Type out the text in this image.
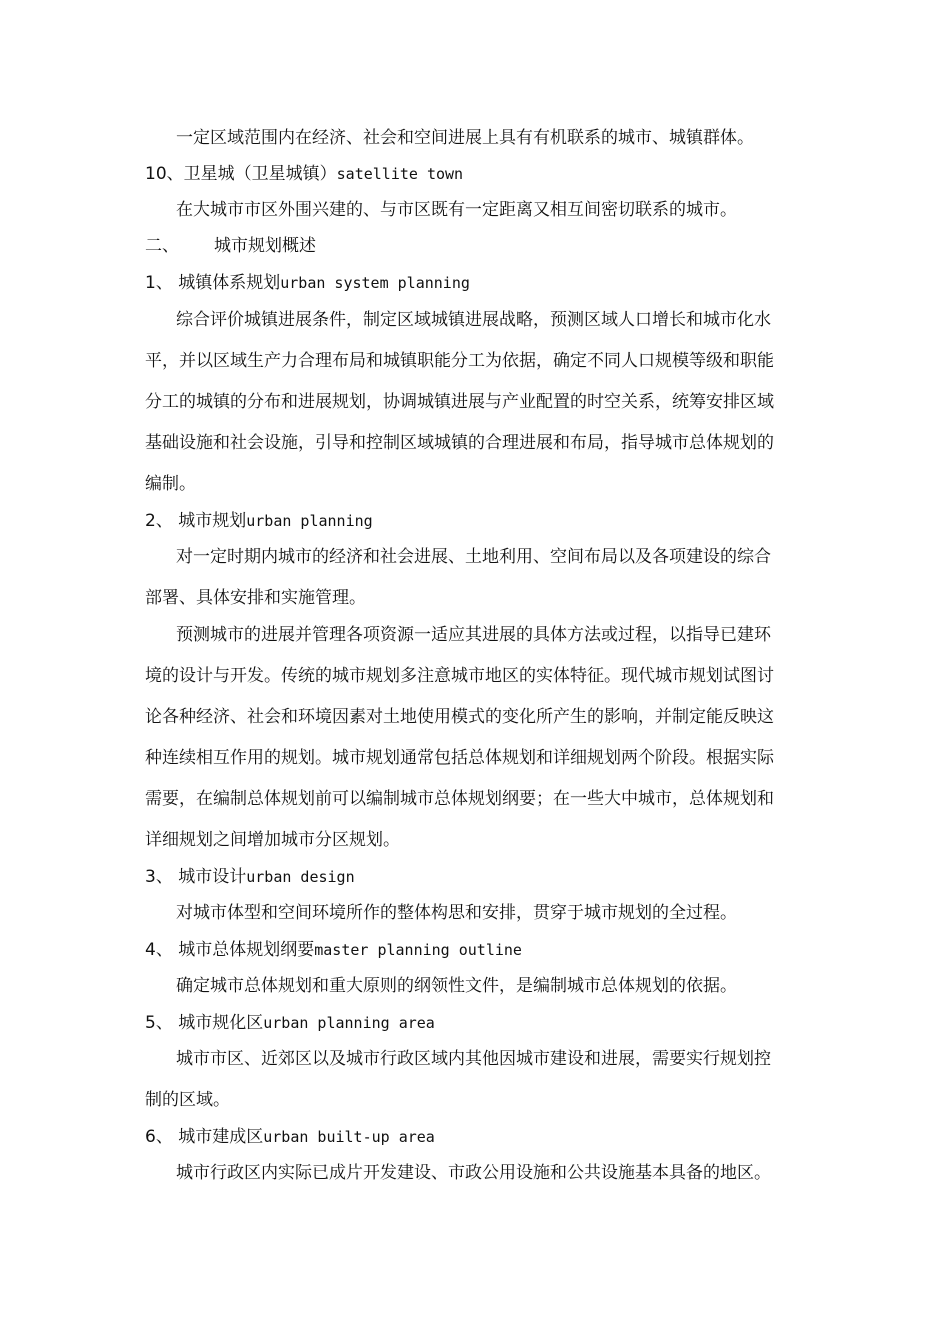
一定区域范围内在经济、社会和空间进展上具有有机联系的城市、城镇群体。
10、卫星城（卫星城镇）satellite town
在大城市市区外围兴建的、与市区既有一定距离又相互间密切联系的城市。
二、 城市规划概述
1、 城镇体系规划urban system planning
综合评价城镇进展条件，制定区域城镇进展战略，预测区域人口增长和城市化水
平，并以区域生产力合理布局和城镇职能分工为依据，确定不同人口规模等级和职能
分工的城镇的分布和进展规划，协调城镇进展与产业配置的时空关系，统筹安排区域
基础设施和社会设施，引导和控制区域城镇的合理进展和布局，指导城市总体规划的
编制。
2、 城市规划urban planning
对一定时期内城市的经济和社会进展、土地利用、空间布局以及各项建设的综合
部署、具体安排和实施管理。
预测城市的进展并管理各项资源一适应其进展的具体方法或过程，以指导已建环
境的设计与开发。传统的城市规划多注意城市地区的实体特征。现代城市规划试图讨
论各种经济、社会和环境因素对土地使用模式的变化所产生的影响，并制定能反映这
种连续相互作用的规划。城市规划通常包括总体规划和详细规划两个阶段。根据实际
需要，在编制总体规划前可以编制城市总体规划纲要；在一些大中城市，总体规划和
详细规划之间增加城市分区规划。
3、 城市设计urban design
对城市体型和空间环境所作的整体构思和安排，贯穿于城市规划的全过程。
4、 城市总体规划纲要master planning outline
确定城市总体规划和重大原则的纲领性文件，是编制城市总体规划的依据。
5、 城市规化区urban planning area
城市市区、近郊区以及城市行政区域内其他因城市建设和进展，需要实行规划控
制的区域。
6、 城市建成区urban built-up area
城市行政区内实际已成片开发建设、市政公用设施和公共设施基本具备的地区。
